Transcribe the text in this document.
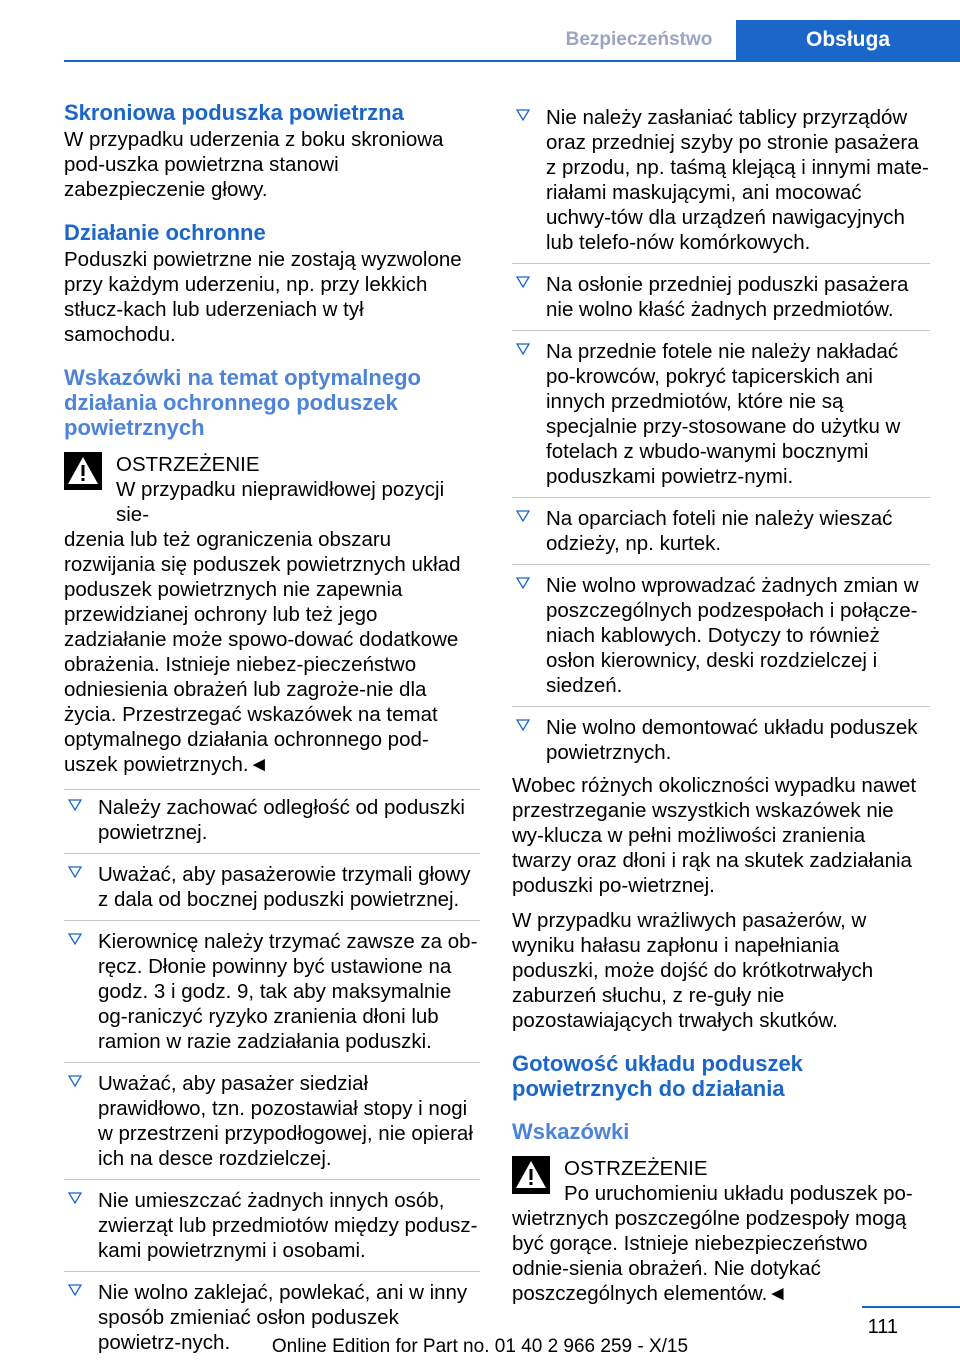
Bezpieczeństwo	Obsługa
Skroniowa poduszka powietrzna

W przypadku uderzenia z boku skroniowa pod‐uszka powietrzna stanowi zabezpieczenie głowy.

Działanie ochronne

Poduszki powietrzne nie zostają wyzwolone przy każdym uderzeniu, np. przy lekkich stłucz‐kach lub uderzeniach w tył samochodu.

Wskazówki na temat optymalnego działania ochronnego poduszek powietrznych

OSTRZEŻENIE

W przypadku nieprawidłowej pozycji sie‐

dzenia lub też ograniczenia obszaru rozwijania się poduszek powietrznych układ poduszek powietrznych nie zapewnia przewidzianej ochrony lub też jego zadziałanie może spowo‐dować dodatkowe obrażenia. Istnieje niebez‐pieczeństwo odniesienia obrażeń lub zagroże‐nie dla życia. Przestrzegać wskazówek na temat optymalnego działania ochronnego pod‐uszek powietrznych.◄

Należy zachować odległość od poduszki powietrznej.
Uważać, aby pasażerowie trzymali głowy z dala od bocznej poduszki powietrznej.
Kierownicę należy trzymać zawsze za ob‐ręcz. Dłonie powinny być ustawione na godz. 3 i godz. 9, tak aby maksymalnie og‐raniczyć ryzyko zranienia dłoni lub ramion w razie zadziałania poduszki.
Uważać, aby pasażer siedział prawidłowo, tzn. pozostawiał stopy i nogi w przestrzeni przypodłogowej, nie opierał ich na desce rozdzielczej.
Nie umieszczać żadnych innych osób, zwierząt lub przedmiotów między podusz‐kami powietrznymi i osobami.
Nie wolno zaklejać, powlekać, ani w inny sposób zmieniać osłon poduszek powietrz‐nych.
Nie należy zasłaniać tablicy przyrządów oraz przedniej szyby po stronie pasażera z przodu, np. taśmą klejącą i innymi mate‐riałami maskującymi, ani mocować uchwy‐tów dla urządzeń nawigacyjnych lub telefo‐nów komórkowych.
Na osłonie przedniej poduszki pasażera nie wolno kłaść żadnych przedmiotów.
Na przednie fotele nie należy nakładać po‐krowców, pokryć tapicerskich ani innych przedmiotów, które nie są specjalnie przy‐stosowane do użytku w fotelach z wbudo‐wanymi bocznymi poduszkami powietrz‐nymi.
Na oparciach foteli nie należy wieszać odzieży, np. kurtek.
Nie wolno wprowadzać żadnych zmian w poszczególnych podzespołach i połącze‐niach kablowych. Dotyczy to również osłon kierownicy, deski rozdzielczej i siedzeń.
Nie wolno demontować układu poduszek powietrznych.

Wobec różnych okoliczności wypadku nawet przestrzeganie wszystkich wskazówek nie wy‐klucza w pełni możliwości zranienia twarzy oraz dłoni i rąk na skutek zadziałania poduszki po‐wietrznej.

W przypadku wrażliwych pasażerów, w wyniku hałasu zapłonu i napełniania poduszki, może dojść do krótkotrwałych zaburzeń słuchu, z re‐guły nie pozostawiających trwałych skutków.

Gotowość układu poduszek powietrznych do działania
Wskazówki

OSTRZEŻENIE

Po uruchomieniu układu poduszek po‐

wietrznych poszczególne podzespoły mogą być gorące. Istnieje niebezpieczeństwo odnie‐sienia obrażeń. Nie dotykać poszczególnych elementów.◄

111
Online Edition for Part no. 01 40 2 966 259 - X/15
